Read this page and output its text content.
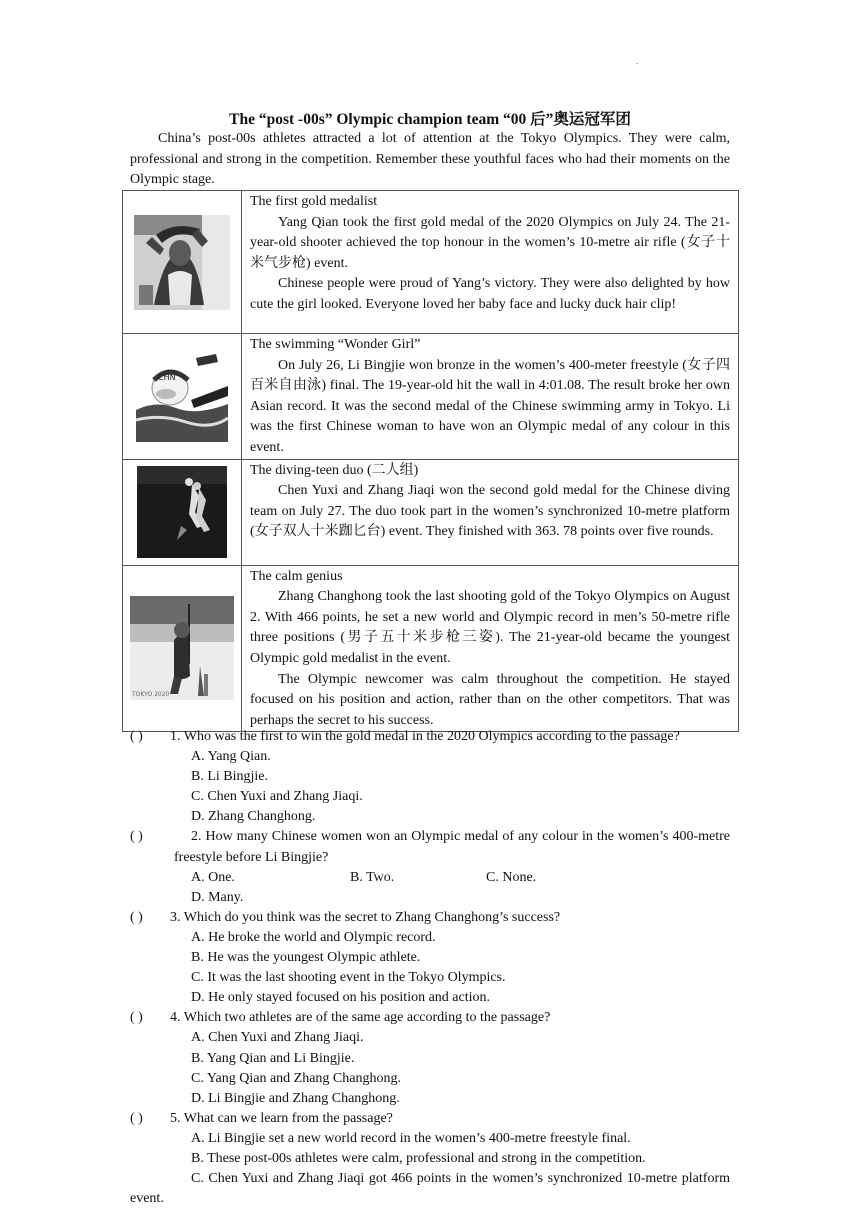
.
The “post -00s” Olympic champion team “00 后”奥运冠军团
China’s post-00s athletes attracted a lot of attention at the Tokyo Olympics. They were calm, professional and strong in the competition. Remember these youthful faces who had their moments on the Olympic stage.

The first gold medalist
Yang Qian took the first gold medal of the 2020 Olympics on July 24. The 21-year-old shooter achieved the top honour in the women’s 10-metre air rifle (女子十米气步枪) event.
Chinese people were proud of Yang’s victory. They were also delighted by how cute the girl looked. Everyone loved her baby face and lucky duck hair clip!

CHN	The swimming “Wonder Girl”
On July 26, Li Bingjie won bronze in the women’s 400-meter freestyle (女子四百米自由泳) final. The 19-year-old hit the wall in 4:01.08. The result broke her own Asian record. It was the second medal of the Chinese swimming army in Tokyo. Li was the first Chinese woman to have won an Olympic medal of any colour in this event.

The diving-teen duo (二人组)
Chen Yuxi and Zhang Jiaqi won the second gold medal for the Chinese diving team on July 27. The duo took part in the women’s synchronized 10-metre platform (女子双人十米跏匕台) event. They finished with 363. 78 points over five rounds.

TOKYO 2020	The calm genius
Zhang Changhong took the last shooting gold of the Tokyo Olympics on August 2. With 466 points, he set a new world and Olympic record in men’s 50-metre rifle three positions (男子五十米步枪三姿). The 21-year-old became the youngest Olympic gold medalist in the event.
The Olympic newcomer was calm throughout the competition. He stayed focused on his position and action, rather than on the other competitors. That was perhaps the secret to his success.
( ) 1. Who was the first to win the gold medal in the 2020 Olympics according to the passage?
A. Yang Qian.
B. Li Bingjie.
C. Chen Yuxi and Zhang Jiaqi.
D. Zhang Changhong.
( )	2. How many Chinese women won an Olympic medal of any colour in the women’s 400-metre freestyle before Li Bingjie?
A. One.	B. Two.	C. None.
D. Many.
( ) 3. Which do you think was the secret to Zhang Changhong’s success?
A. He broke the world and Olympic record.
B. He was the youngest Olympic athlete.
C. It was the last shooting event in the Tokyo Olympics.
D. He only stayed focused on his position and action.
( ) 4. Which two athletes are of the same age according to the passage?
A. Chen Yuxi and Zhang Jiaqi.
B. Yang Qian and Li Bingjie.
C. Yang Qian and Zhang Changhong.
D. Li Bingjie and Zhang Changhong.
( ) 5. What can we learn from the passage?
A. Li Bingjie set a new world record in the women’s 400-metre freestyle final.
B. These post-00s athletes were calm, professional and strong in the competition.
C. Chen Yuxi and Zhang Jiaqi got 466 points in the women’s synchronized 10-metre platform event.
